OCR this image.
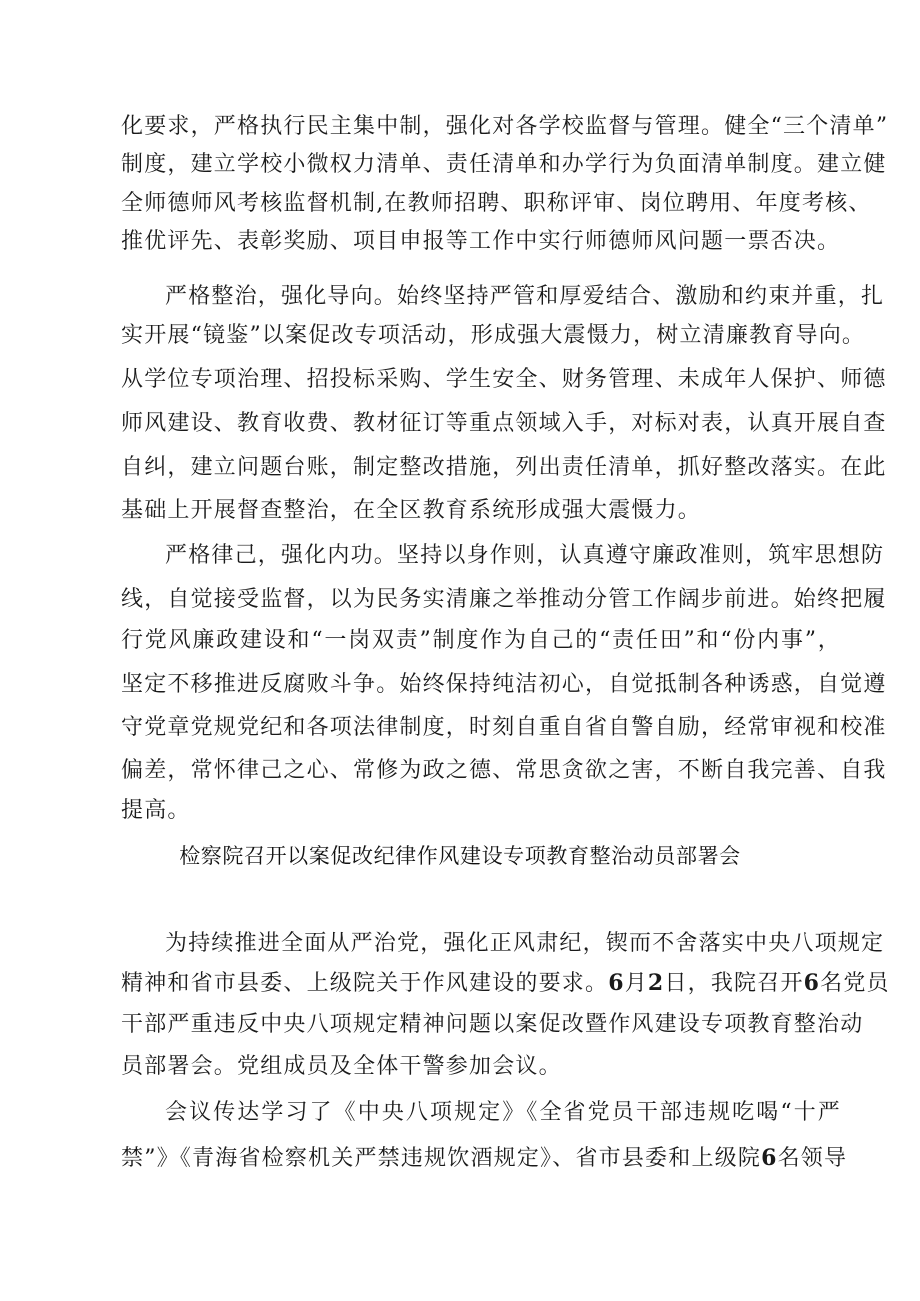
化要求，严格执行民主集中制，强化对各学校监督与管理。健全“三个清单”
制度，建立学校小微权力清单、责任清单和办学行为负面清单制度。建立健
全师德师风考核监督机制,在教师招聘、职称评审、岗位聘用、年度考核、
推优评先、表彰奖励、项目申报等工作中实行师德师风问题一票否决。
严格整治，强化导向。始终坚持严管和厚爱结合、激励和约束并重，扎
实开展“镜鉴”以案促改专项活动，形成强大震慑力，树立清廉教育导向。
从学位专项治理、招投标采购、学生安全、财务管理、未成年人保护、师德
师风建设、教育收费、教材征订等重点领域入手，对标对表，认真开展自查
自纠，建立问题台账，制定整改措施，列出责任清单，抓好整改落实。在此
基础上开展督查整治，在全区教育系统形成强大震慑力。
严格律己，强化内功。坚持以身作则，认真遵守廉政准则，筑牢思想防
线，自觉接受监督，以为民务实清廉之举推动分管工作阔步前进。始终把履
行党风廉政建设和“一岗双责”制度作为自己的“责任田”和“份内事”，
坚定不移推进反腐败斗争。始终保持纯洁初心，自觉抵制各种诱惑，自觉遵
守党章党规党纪和各项法律制度，时刻自重自省自警自励，经常审视和校准
偏差，常怀律己之心、常修为政之德、常思贪欲之害，不断自我完善、自我
提高。
检察院召开以案促改纪律作风建设专项教育整治动员部署会
为持续推进全面从严治党，强化正风肃纪，锲而不舍落实中央八项规定
精神和省市县委、上级院关于作风建设的要求。6月2日，我院召开6名党员
干部严重违反中央八项规定精神问题以案促改暨作风建设专项教育整治动
员部署会。党组成员及全体干警参加会议。
会议传达学习了《中央八项规定》《全省党员干部违规吃喝“十严
禁”》《青海省检察机关严禁违规饮酒规定》、省市县委和上级院6名领导
